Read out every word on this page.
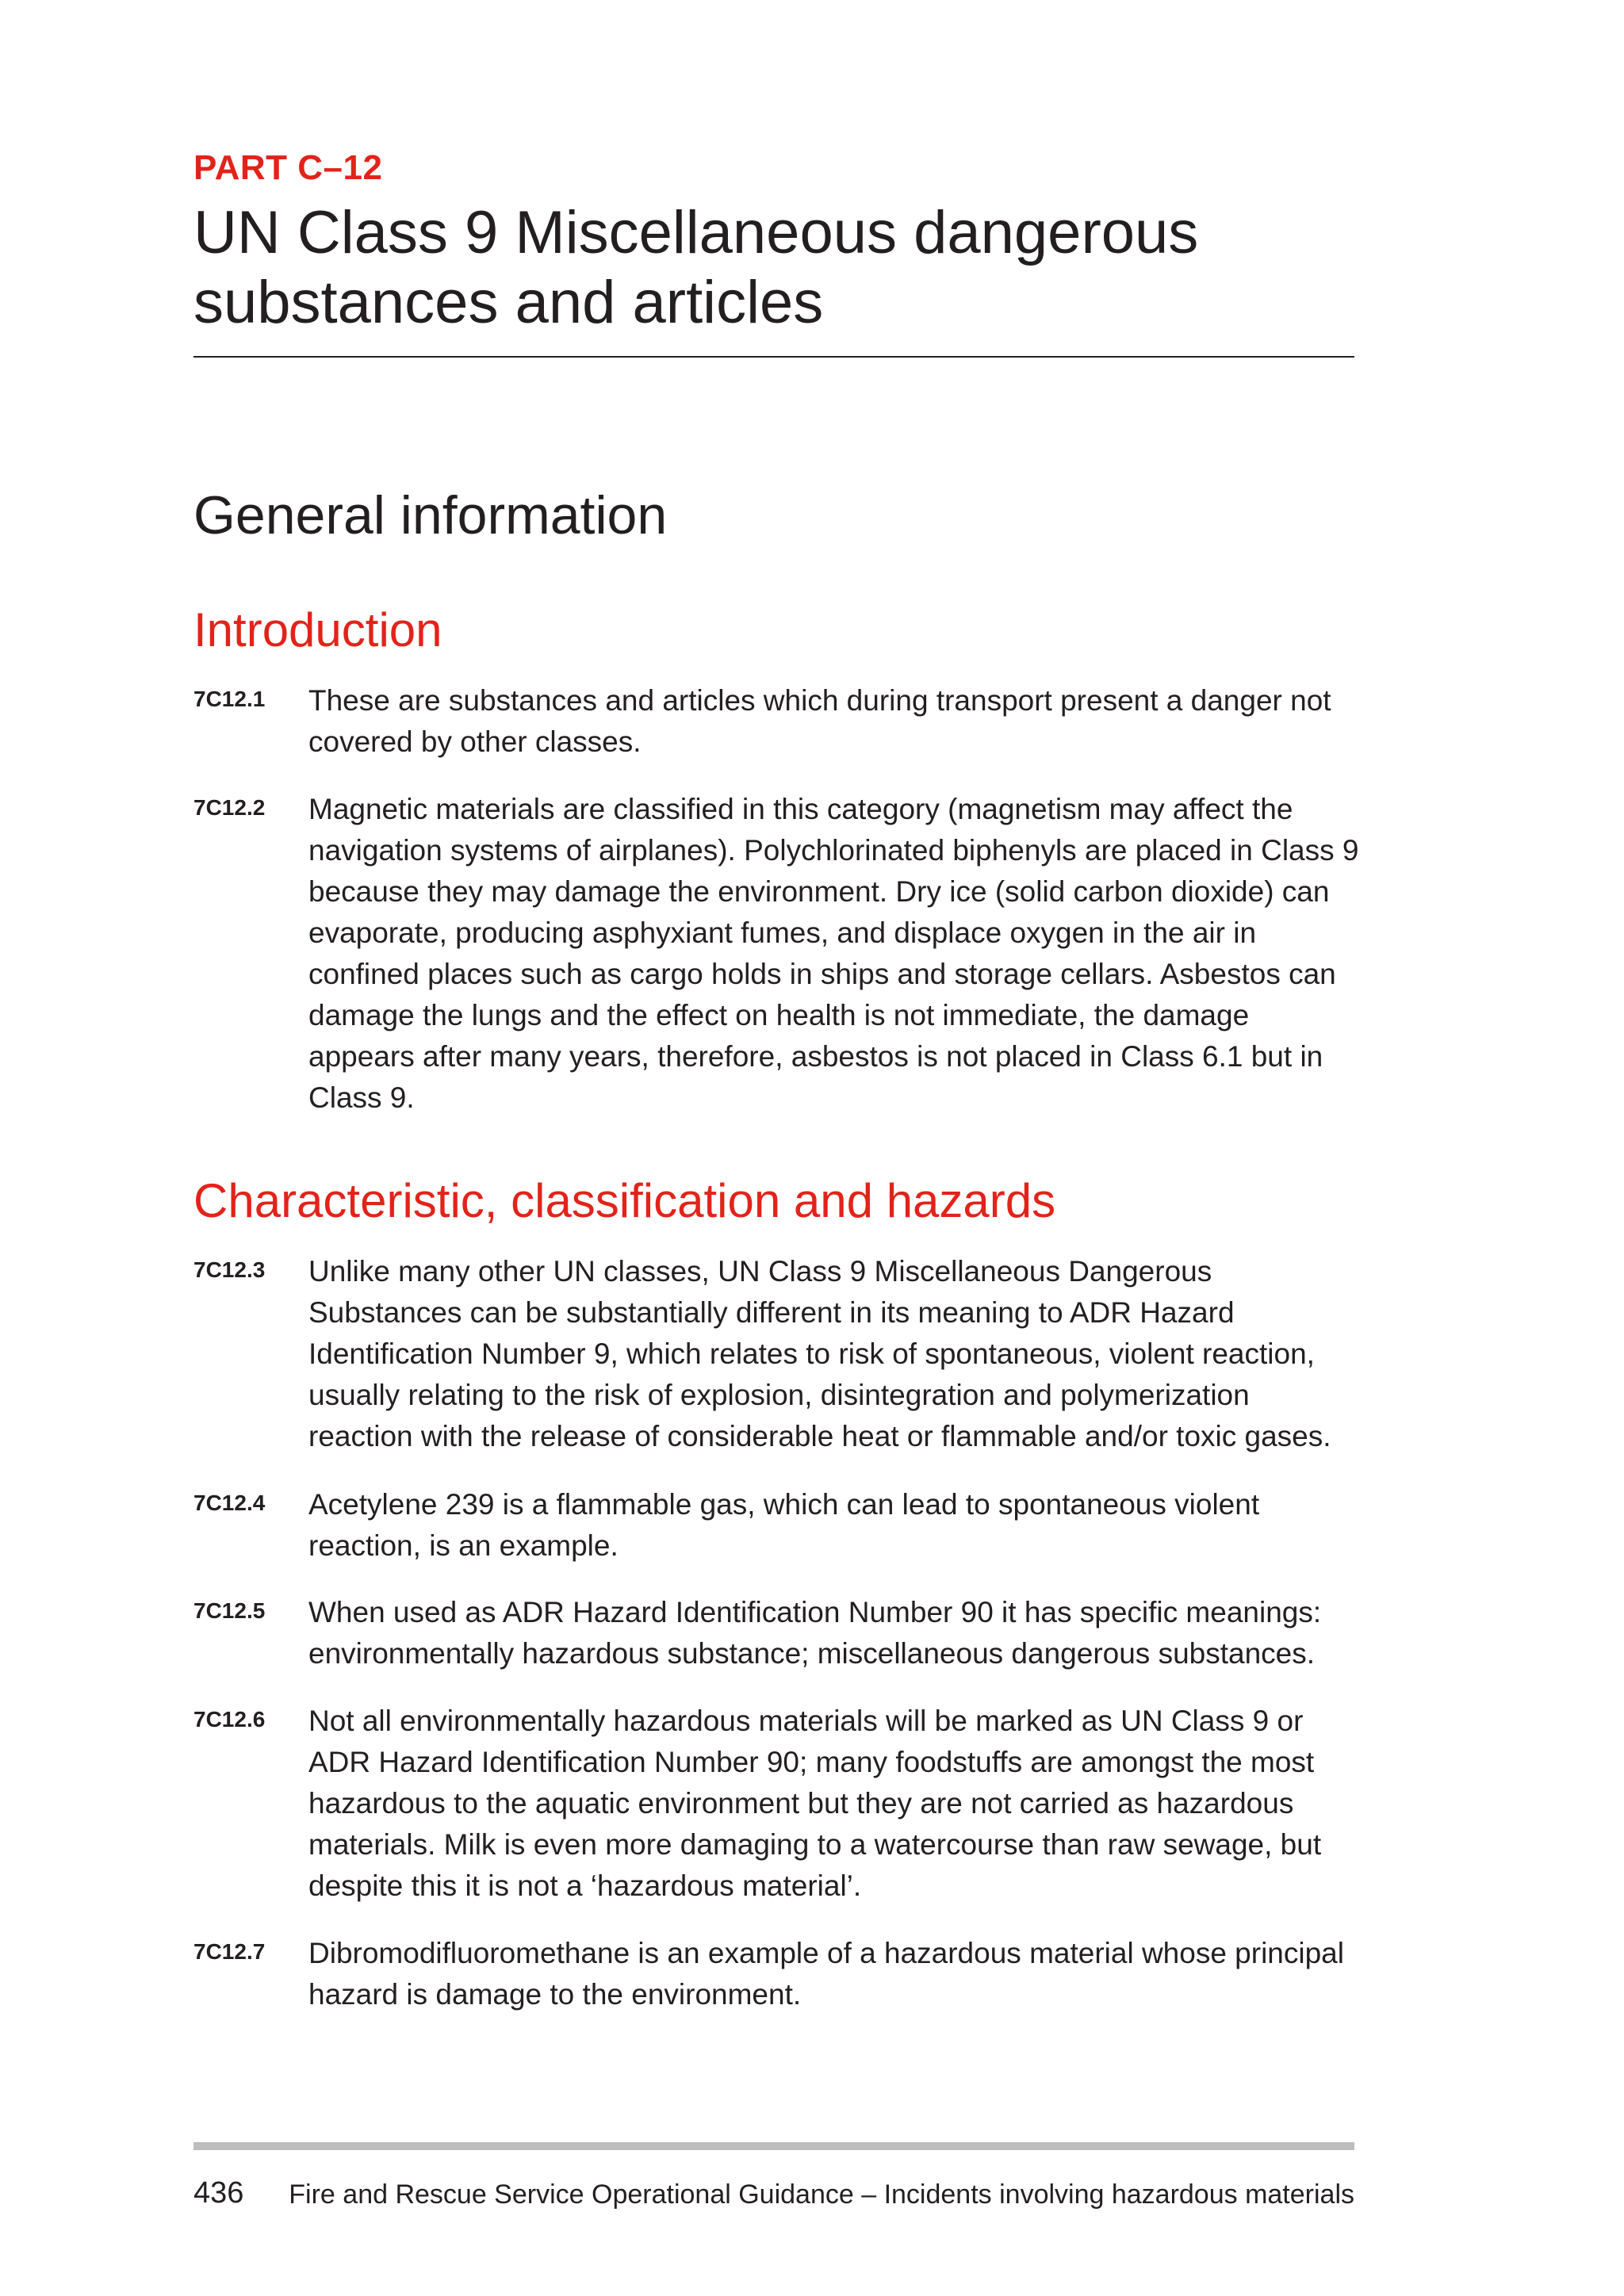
PART C–12
UN Class 9 Miscellaneous dangerous substances and articles
General information
Introduction
7C12.1 These are substances and articles which during transport present a danger not covered by other classes.
7C12.2 Magnetic materials are classified in this category (magnetism may affect the navigation systems of airplanes). Polychlorinated biphenyls are placed in Class 9 because they may damage the environment. Dry ice (solid carbon dioxide) can evaporate, producing asphyxiant fumes, and displace oxygen in the air in confined places such as cargo holds in ships and storage cellars. Asbestos can damage the lungs and the effect on health is not immediate, the damage appears after many years, therefore, asbestos is not placed in Class 6.1 but in Class 9.
Characteristic, classification and hazards
7C12.3 Unlike many other UN classes, UN Class 9 Miscellaneous Dangerous Substances can be substantially different in its meaning to ADR Hazard Identification Number 9, which relates to risk of spontaneous, violent reaction, usually relating to the risk of explosion, disintegration and polymerization reaction with the release of considerable heat or flammable and/or toxic gases.
7C12.4 Acetylene 239 is a flammable gas, which can lead to spontaneous violent reaction, is an example.
7C12.5 When used as ADR Hazard Identification Number 90 it has specific meanings: environmentally hazardous substance; miscellaneous dangerous substances.
7C12.6 Not all environmentally hazardous materials will be marked as UN Class 9 or ADR Hazard Identification Number 90; many foodstuffs are amongst the most hazardous to the aquatic environment but they are not carried as hazardous materials. Milk is even more damaging to a watercourse than raw sewage, but despite this it is not a ‘hazardous material’.
7C12.7 Dibromodifluoromethane is an example of a hazardous material whose principal hazard is damage to the environment.
436 Fire and Rescue Service Operational Guidance – Incidents involving hazardous materials
